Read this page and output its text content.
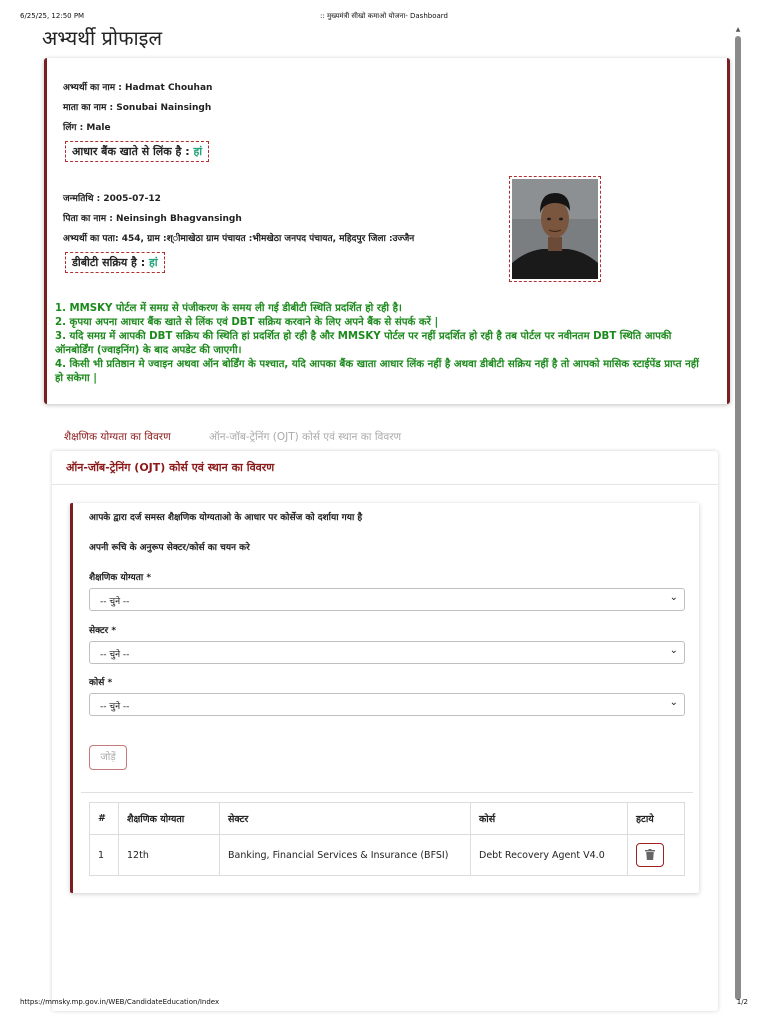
6/25/25, 12:50 PM	:: मुख्यमंत्री सीखो कमाओ योजना- Dashboard
▲
अभ्यर्थी प्रोफाइल
अभ्यर्थी का नाम : Hadmat Chouhan
माता का नाम : Sonubai Nainsingh
लिंग : Male
आधार बैंक खाते से लिंक है : हां
जन्मतिथि : 2005-07-12
पिता का नाम : Neinsingh Bhagvansingh
अभ्यर्थी का पता: 454, ग्राम :श्ीमाखेठा ग्राम पंचायत :भीमखेठा जनपद पंचायत, महिदपुर जिला :उज्जैन
डीबीटी सक्रिय है : हां

1. MMSKY पोर्टल में समग्र से पंजीकरण के समय ली गई डीबीटी स्थिति प्रदर्शित हो रही है।

2. कृपया अपना आधार बैंक खाते से लिंक एवं DBT सक्रिय करवाने के लिए अपने बैंक से संपर्क करें |

3. यदि समग्र में आपकी DBT सक्रिय की स्थिति हां प्रदर्शित हो रही है और MMSKY पोर्टल पर नहीं प्रदर्शित हो रही है तब पोर्टल पर नवीनतम DBT स्थिति आपकी ऑनबोर्डिंग (ज्वाइनिंग) के बाद अपडेट की जाएगी।

4. किसी भी प्रतिष्ठान मे ज्वाइन अथवा ऑन बोर्डिंग के पश्चात, यदि आपका बैंक खाता आधार लिंक नहीं है अथवा डीबीटी सक्रिय नहीं है तो आपको मासिक स्टाईपेंड प्राप्त नहीं हो सकेगा |

शैक्षणिक योग्यता का विवरण	ऑन-जॉब-ट्रेनिंग (OJT) कोर्स एवं स्थान का विवरण
ऑन-जॉब-ट्रेनिंग (OJT) कोर्स एवं स्थान का विवरण
आपके द्वारा दर्ज समस्त शैक्षणिक योग्यताओ के आधार पर कोर्सेज को दर्शाया गया है
अपनी रूचि के अनुरूप सेक्टर/कोर्स का चयन करे
शैक्षणिक योग्यता *
-- चुने --	⌄
सेक्टर *
-- चुने --	⌄
कोर्स *
-- चुने --	⌄
जोड़ें
#	शैक्षणिक योग्यता	सेक्टर	कोर्स	हटाये
1	12th	Banking, Financial Services & Insurance (BFSI)	Debt Recovery Agent V4.0	
https://mmsky.mp.gov.in/WEB/CandidateEducation/Index	1/2
